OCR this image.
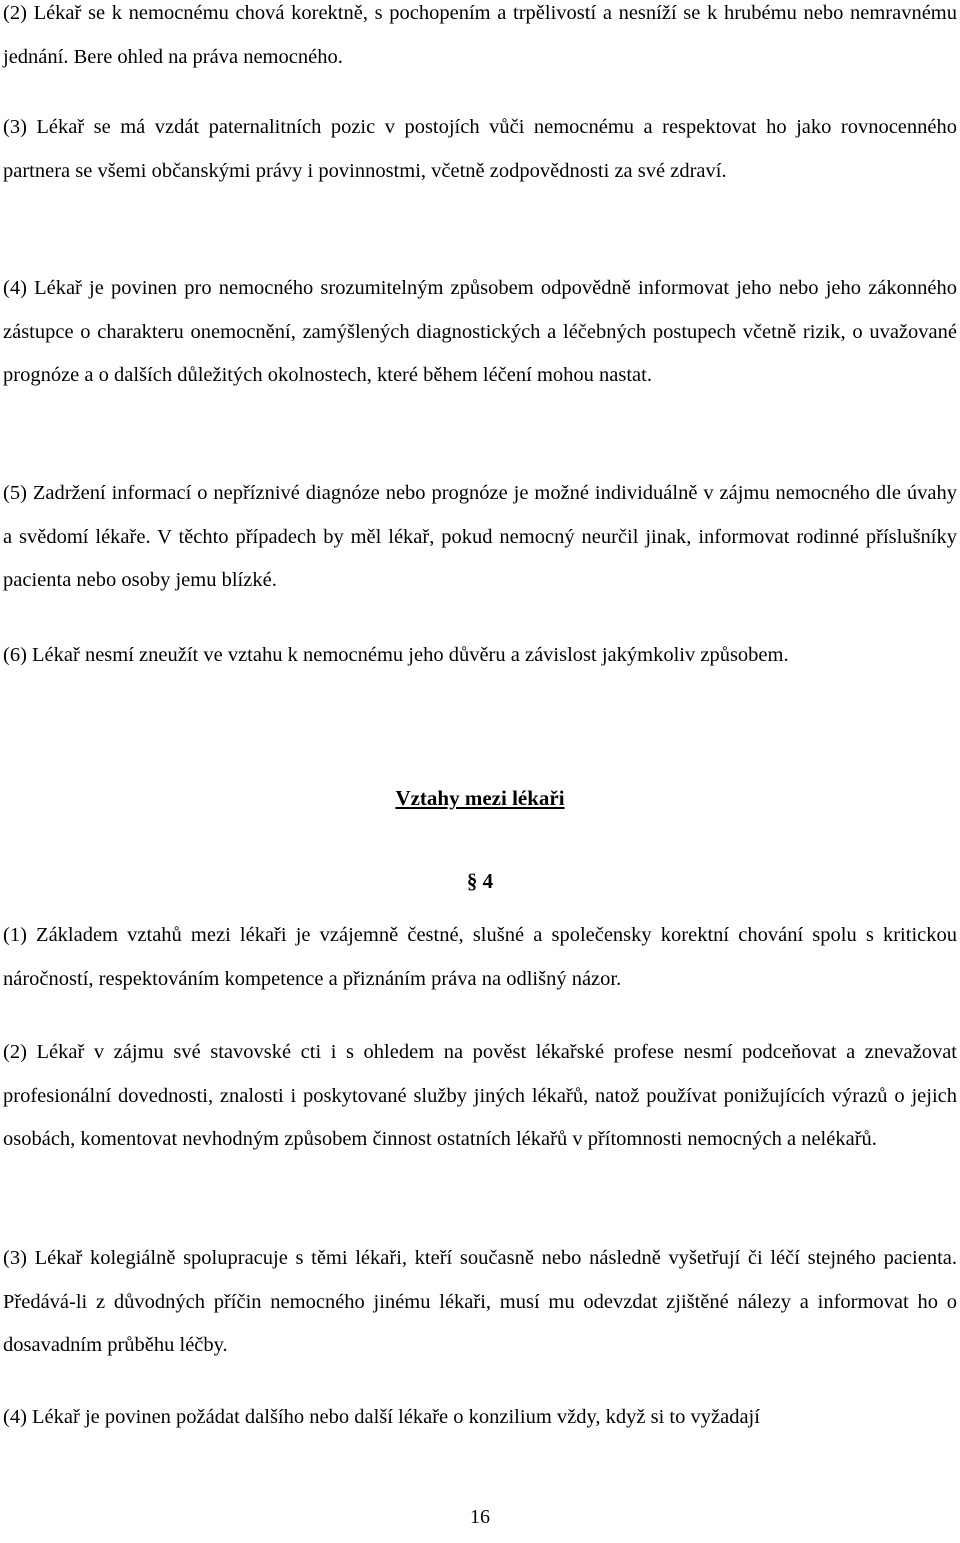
(2) Lékař se k nemocnému chová korektně, s pochopením a trpělivostí a nesníží se k hrubému nebo nemravnému jednání. Bere ohled na práva nemocného.

(3) Lékař se má vzdát paternalitních pozic v postojích vůči nemocnému a respektovat ho jako rovnocenného partnera se všemi občanskými právy i povinnostmi, včetně zodpovědnosti za své zdraví.

(4) Lékař je povinen pro nemocného srozumitelným způsobem odpovědně informovat jeho nebo jeho zákonného zástupce o charakteru onemocnění, zamýšlených diagnostických a léčebných postupech včetně rizik, o uvažované prognóze a o dalších důležitých okolnostech, které během léčení mohou nastat.

(5) Zadržení informací o nepříznivé diagnóze nebo prognóze je možné individuálně v zájmu nemocného dle úvahy a svědomí lékaře. V těchto případech by měl lékař, pokud nemocný neurčil jinak, informovat rodinné příslušníky pacienta nebo osoby jemu blízké.

(6) Lékař nesmí zneužít ve vztahu k nemocnému jeho důvěru a závislost jakýmkoliv způsobem.

Vztahy mezi lékaři
§ 4

(1) Základem vztahů mezi lékaři je vzájemně čestné, slušné a společensky korektní chování spolu s kritickou náročností, respektováním kompetence a přiznáním práva na odlišný názor.

(2) Lékař v zájmu své stavovské cti i s ohledem na pověst lékařské profese nesmí podceňovat a znevažovat profesionální dovednosti, znalosti i poskytované služby jiných lékařů, natož používat ponižujících výrazů o jejich osobách, komentovat nevhodným způsobem činnost ostatních lékařů v přítomnosti nemocných a nelékařů.

(3) Lékař kolegiálně spolupracuje s těmi lékaři, kteří současně nebo následně vyšetřují či léčí stejného pacienta. Předává-li z důvodných příčin nemocného jinému lékaři, musí mu odevzdat zjištěné nálezy a informovat ho o dosavadním průběhu léčby.

(4) Lékař je povinen požádat dalšího nebo další lékaře o konzilium vždy, když si to vyžadají

16
